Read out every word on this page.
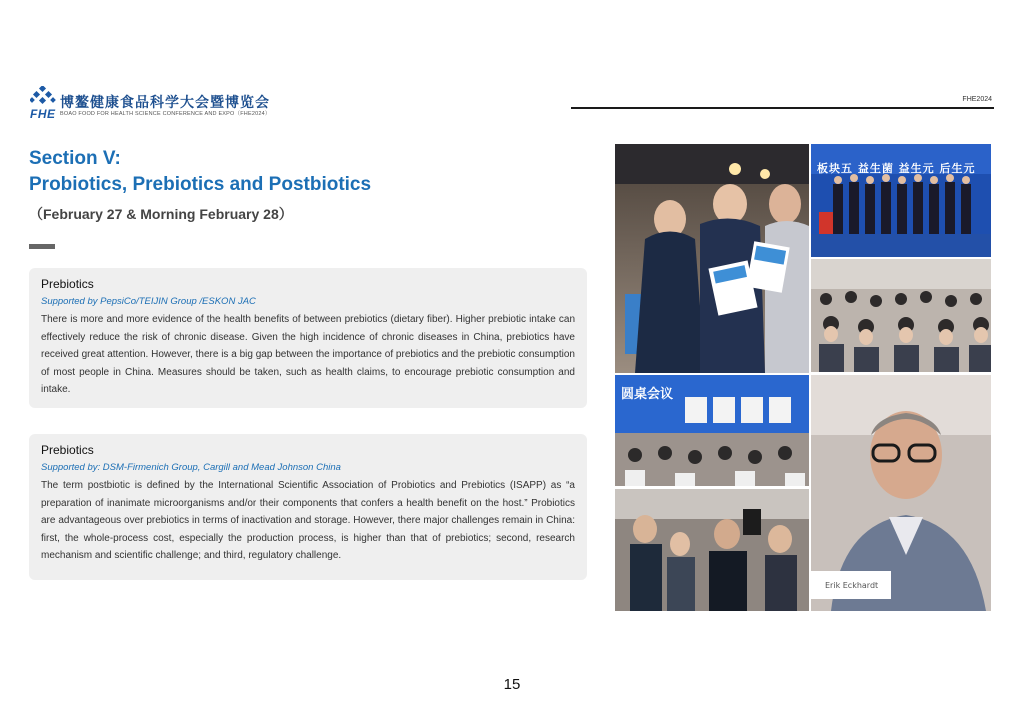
FHE
博鳌健康食品科学大会暨博览会
BOAO FOOD FOR HEALTH SCIENCE CONFERENCE AND EXPO（FHE2024）
FHE2024
Section V:
Probiotics, Prebiotics and Postbiotics
（February 27 & Morning February 28）
Prebiotics
Supported by PepsiCo/TEIJIN Group /ESKON JAC
There is more and more evidence of the health benefits of between prebiotics (dietary fiber). Higher prebiotic intake can effectively reduce the risk of chronic disease. Given the high incidence of chronic diseases in China, prebiotics have received great attention. However, there is a big gap between the importance of prebiotics and the prebiotic consumption of most people in China. Measures should be taken, such as health claims, to encourage prebiotic consumption and intake.
Prebiotics
Supported by: DSM-Firmenich Group, Cargill and Mead Johnson China
The term postbiotic is defined by the International Scientific Association of Probiotics and Prebiotics (ISAPP) as “a preparation of inanimate microorganisms and/or their components that confers a health benefit on the host.” Probiotics are advantageous over prebiotics in terms of inactivation and storage. However, there major challenges remain in China: first, the whole-process cost, especially the production process, is higher than that of prebiotics; second, research mechanism and scientific challenge; and third, regulatory challenge.
板块五 益生菌 益生元 后生元
圆桌会议
Erik Eckhardt
15
